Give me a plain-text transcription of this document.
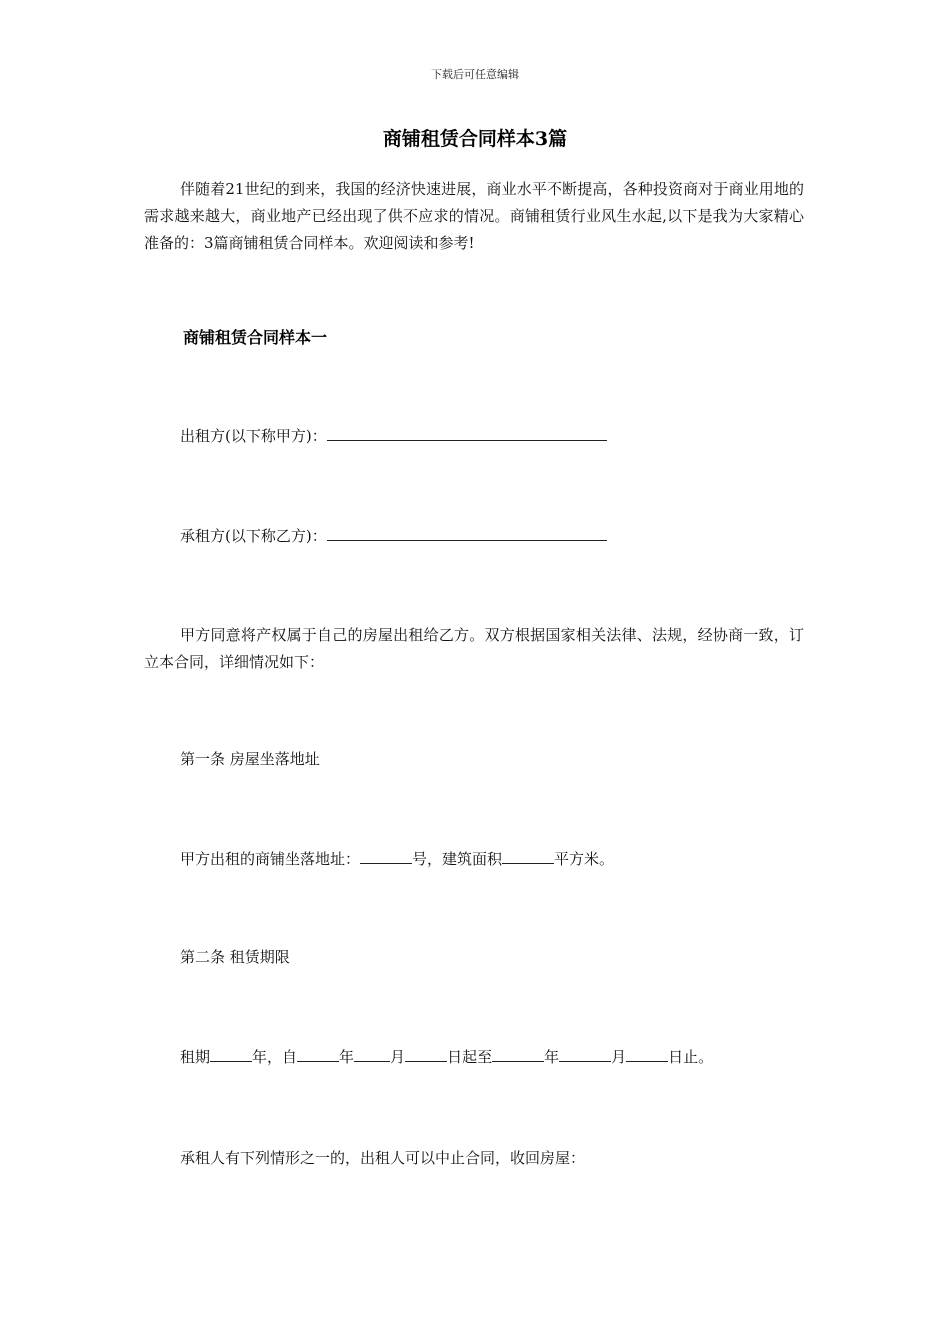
下载后可任意编辑
商铺租赁合同样本3篇
伴随着21世纪的到来，我国的经济快速进展，商业水平不断提高，各种投资商对于商业用地的需求越来越大，商业地产已经出现了供不应求的情况。商铺租赁行业风生水起,以下是我为大家精心准备的：3篇商铺租赁合同样本。欢迎阅读和参考!
商铺租赁合同样本一
出租方(以下称甲方)：
承租方(以下称乙方)：
甲方同意将产权属于自己的房屋出租给乙方。双方根据国家相关法律、法规，经协商一致，订立本合同，详细情况如下：
第一条 房屋坐落地址
甲方出租的商铺坐落地址：	号，建筑面积	平方米。
第二条 租赁期限
租期	年，自	年 月	日起至	年	月	日止。
承租人有下列情形之一的，出租人可以中止合同，收回房屋：
